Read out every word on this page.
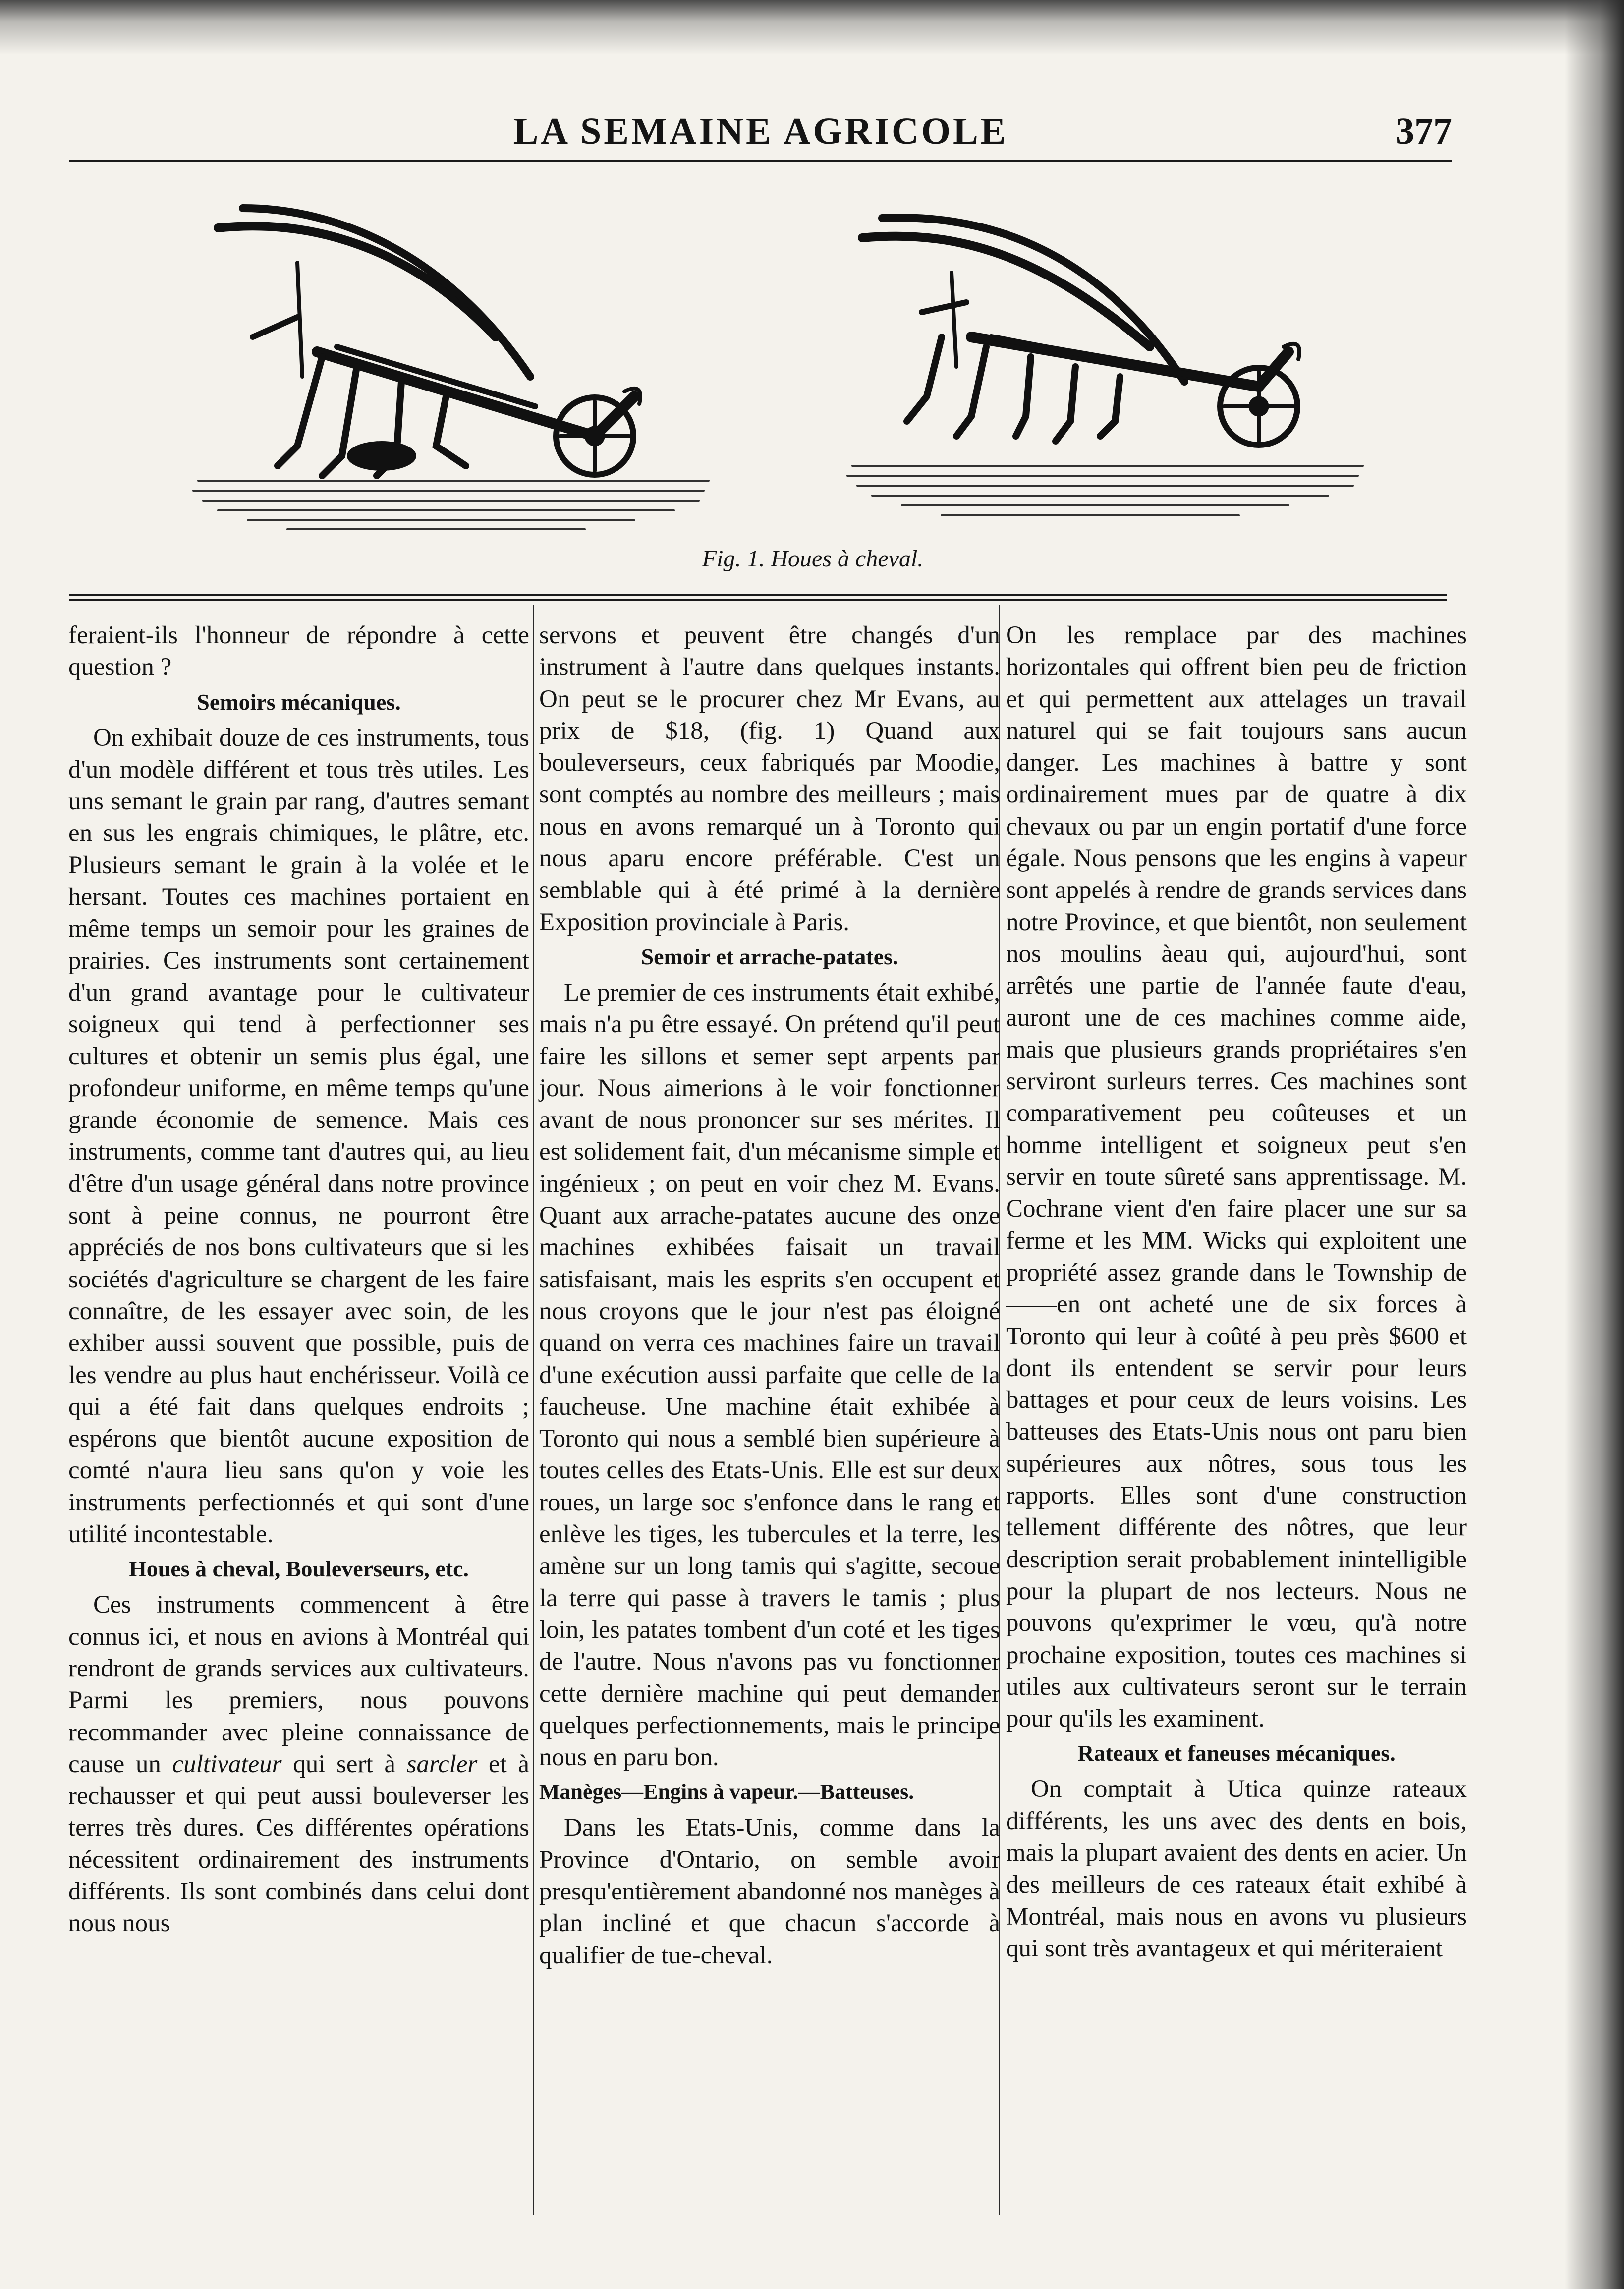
LA SEMAINE AGRICOLE	377
Fig. 1. Houes à cheval.

feraient-ils l'honneur de répondre à cette question ?

Semoirs mécaniques.

On exhibait douze de ces instruments, tous d'un modèle différent et tous très utiles. Les uns semant le grain par rang, d'autres semant en sus les engrais chimiques, le plâtre, etc. Plusieurs semant le grain à la volée et le hersant. Toutes ces machines portaient en même temps un semoir pour les graines de prairies. Ces instruments sont certainement d'un grand avantage pour le cultivateur soigneux qui tend à perfectionner ses cultures et obtenir un semis plus égal, une profondeur uniforme, en même temps qu'une grande économie de semence. Mais ces instruments, comme tant d'autres qui, au lieu d'être d'un usage général dans notre province sont à peine connus, ne pourront être appréciés de nos bons cultivateurs que si les sociétés d'agriculture se chargent de les faire connaître, de les essayer avec soin, de les exhiber aussi souvent que possible, puis de les vendre au plus haut enchérisseur. Voilà ce qui a été fait dans quelques endroits ; espérons que bientôt aucune exposition de comté n'aura lieu sans qu'on y voie les instruments perfectionnés et qui sont d'une utilité incontestable.

Houes à cheval, Bouleverseurs, etc.

Ces instruments commencent à être connus ici, et nous en avions à Montréal qui rendront de grands services aux cultivateurs. Parmi les premiers, nous pouvons recommander avec pleine connaissance de cause un cultivateur qui sert à sarcler et à rechausser et qui peut aussi bouleverser les terres très dures. Ces différentes opérations nécessitent ordinairement des instruments différents. Ils sont combinés dans celui dont nous nous

servons et peuvent être changés d'un instrument à l'autre dans quelques instants. On peut se le procurer chez Mr Evans, au prix de $18, (fig. 1) Quand aux bouleverseurs, ceux fabriqués par Moodie, sont comptés au nombre des meilleurs ; mais nous en avons remarqué un à Toronto qui nous aparu encore préférable. C'est un semblable qui à été primé à la dernière Exposition provinciale à Paris.

Semoir et arrache-patates.

Le premier de ces instruments était exhibé, mais n'a pu être essayé. On prétend qu'il peut faire les sillons et semer sept arpents par jour. Nous aimerions à le voir fonctionner avant de nous prononcer sur ses mérites. Il est solidement fait, d'un mécanisme simple et ingénieux ; on peut en voir chez M. Evans. Quant aux arrache-patates aucune des onze machines exhibées faisait un travail satisfaisant, mais les esprits s'en occupent et nous croyons que le jour n'est pas éloigné quand on verra ces machines faire un travail d'une exécution aussi parfaite que celle de la faucheuse. Une machine était exhibée à Toronto qui nous a semblé bien supérieure à toutes celles des Etats-Unis. Elle est sur deux roues, un large soc s'enfonce dans le rang et enlève les tiges, les tubercules et la terre, les amène sur un long tamis qui s'agitte, secoue la terre qui passe à travers le tamis ; plus loin, les patates tombent d'un coté et les tiges de l'autre. Nous n'avons pas vu fonctionner cette dernière machine qui peut demander quelques perfectionnements, mais le principe nous en paru bon.

Manèges—Engins à vapeur.—Batteuses.

Dans les Etats-Unis, comme dans la Province d'Ontario, on semble avoir presqu'entièrement abandonné nos manèges à plan incliné et que chacun s'accorde à qualifier de tue-cheval.

On les remplace par des machines horizontales qui offrent bien peu de friction et qui permettent aux attelages un travail naturel qui se fait toujours sans aucun danger. Les machines à battre y sont ordinairement mues par de quatre à dix chevaux ou par un engin portatif d'une force égale. Nous pensons que les engins à vapeur sont appelés à rendre de grands services dans notre Province, et que bientôt, non seulement nos moulins àeau qui, aujourd'hui, sont arrêtés une partie de l'année faute d'eau, auront une de ces machines comme aide, mais que plusieurs grands propriétaires s'en serviront surleurs terres. Ces machines sont comparativement peu coûteuses et un homme intelligent et soigneux peut s'en servir en toute sûreté sans apprentissage. M. Cochrane vient d'en faire placer une sur sa ferme et les MM. Wicks qui exploitent une propriété assez grande dans le Township de——en ont acheté une de six forces à Toronto qui leur à coûté à peu près $600 et dont ils entendent se servir pour leurs battages et pour ceux de leurs voisins. Les batteuses des Etats-Unis nous ont paru bien supérieures aux nôtres, sous tous les rapports. Elles sont d'une construction tellement différente des nôtres, que leur description serait probablement inintelligible pour la plupart de nos lecteurs. Nous ne pouvons qu'exprimer le vœu, qu'à notre prochaine exposition, toutes ces machines si utiles aux cultivateurs seront sur le terrain pour qu'ils les examinent.

Rateaux et faneuses mécaniques.

On comptait à Utica quinze rateaux différents, les uns avec des dents en bois, mais la plupart avaient des dents en acier. Un des meilleurs de ces rateaux était exhibé à Montréal, mais nous en avons vu plusieurs qui sont très avantageux et qui mériteraient
